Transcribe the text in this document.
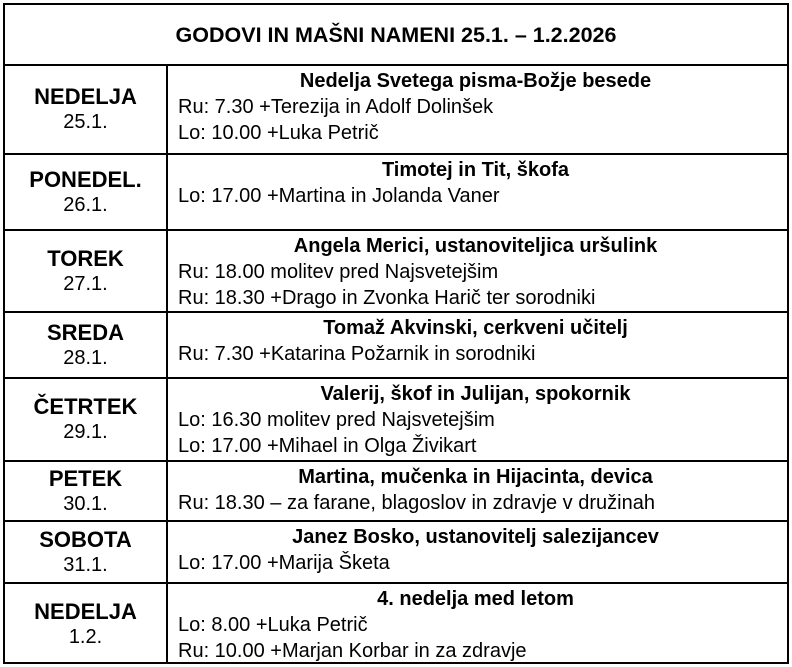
GODOVI IN MAŠNI NAMENI 25.1. – 1.2.2026
NEDELJA
25.1.
Nedelja Svetega pisma-Božje besede
Ru: 7.30 +Terezija in Adolf Dolinšek
Lo: 10.00 +Luka Petrič
PONEDEL.
26.1.
Timotej in Tit, škofa
Lo: 17.00 +Martina in Jolanda Vaner
TOREK
27.1.
Angela Merici, ustanoviteljica uršulink
Ru: 18.00 molitev pred Najsvetejšim
Ru: 18.30 +Drago in Zvonka Harič ter sorodniki
SREDA
28.1.
Tomaž Akvinski, cerkveni učitelj
Ru: 7.30 +Katarina Požarnik in sorodniki
ČETRTEK
29.1.
Valerij, škof in Julijan, spokornik
Lo: 16.30 molitev pred Najsvetejšim
Lo: 17.00 +Mihael in Olga Živikart
PETEK
30.1.
Martina, mučenka in Hijacinta, devica
Ru: 18.30 – za farane, blagoslov in zdravje v družinah
SOBOTA
31.1.
Janez Bosko, ustanovitelj salezijancev
Lo: 17.00 +Marija Šketa
NEDELJA
1.2.
4. nedelja med letom
Lo: 8.00 +Luka Petrič
Ru: 10.00 +Marjan Korbar in za zdravje
